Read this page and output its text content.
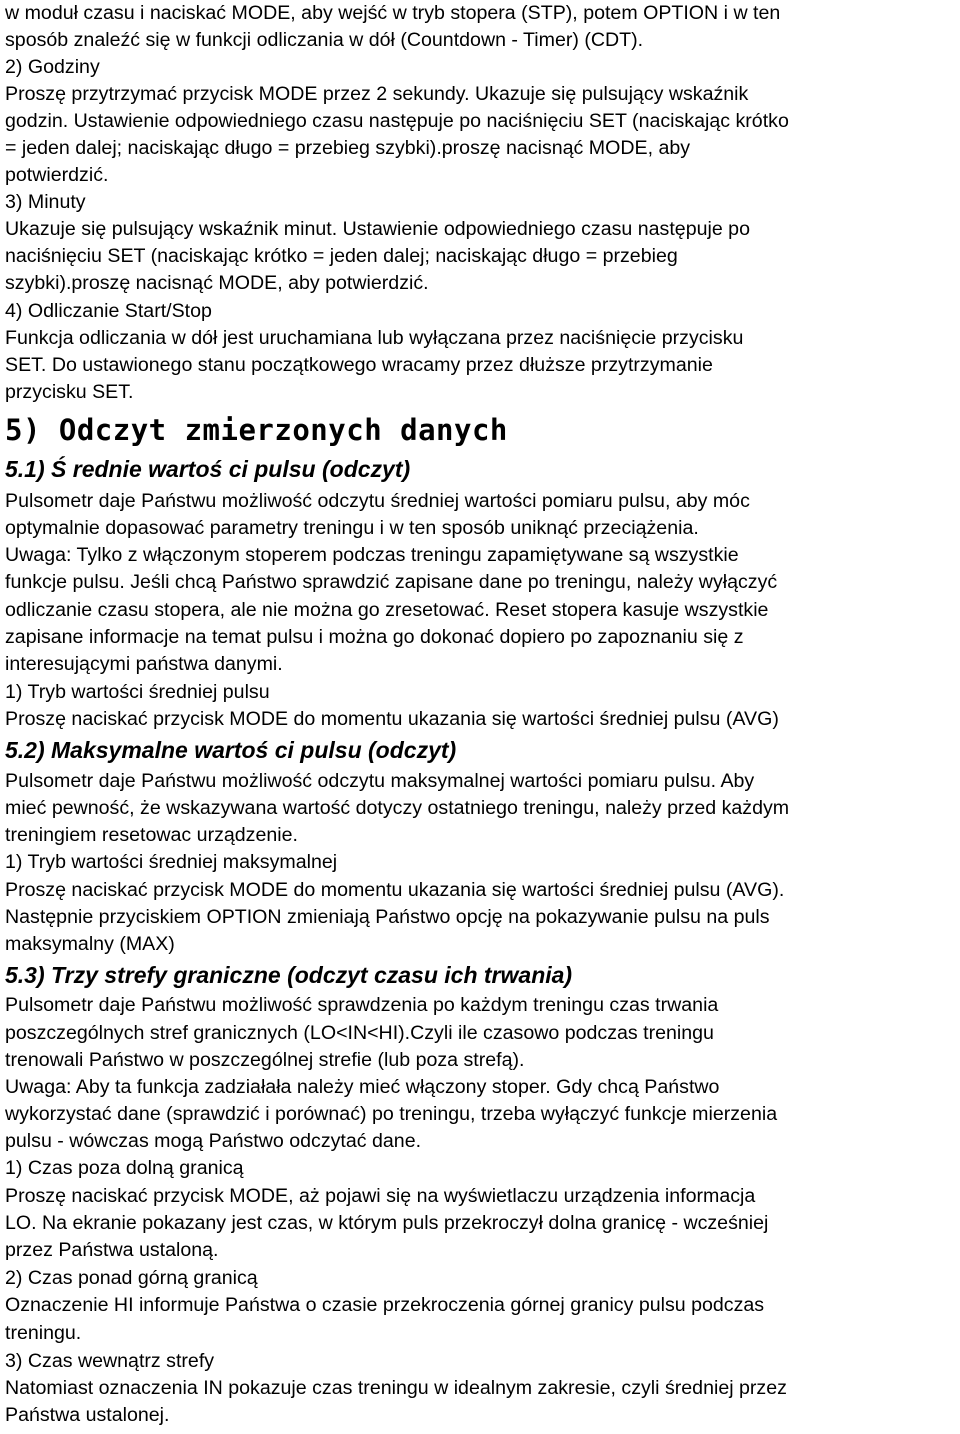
w moduł czasu i naciskać MODE, aby wejść w tryb stopera (STP), potem OPTION i w ten
sposób znaleźć się w funkcji odliczania w dół (Countdown - Timer) (CDT).
2) Godziny
Proszę przytrzymać przycisk MODE przez 2 sekundy. Ukazuje się pulsujący wskaźnik
godzin. Ustawienie odpowiedniego czasu następuje po naciśnięciu SET (naciskając krótko
= jeden dalej; naciskając długo = przebieg szybki).proszę nacisnąć MODE, aby
potwierdzić.
3) Minuty
Ukazuje się pulsujący wskaźnik minut. Ustawienie odpowiedniego czasu następuje po
naciśnięciu SET (naciskając krótko = jeden dalej; naciskając długo = przebieg
szybki).proszę nacisnąć MODE, aby potwierdzić.
4) Odliczanie Start/Stop
Funkcja odliczania w dół jest uruchamiana lub wyłączana przez naciśnięcie przycisku
SET. Do ustawionego stanu początkowego wracamy przez dłuższe przytrzymanie
przycisku SET.
5) Odczyt zmierzonych danych
5.1) Ś rednie wartoś ci pulsu (odczyt)
Pulsometr daje Państwu możliwość odczytu średniej wartości pomiaru pulsu, aby móc
optymalnie dopasować parametry treningu i w ten sposób uniknąć przeciążenia.
Uwaga: Tylko z włączonym stoperem podczas treningu zapamiętywane są wszystkie
funkcje pulsu. Jeśli chcą Państwo sprawdzić zapisane dane po treningu, należy wyłączyć
odliczanie czasu stopera, ale nie można go zresetować. Reset stopera kasuje wszystkie
zapisane informacje na temat pulsu i można go dokonać dopiero po zapoznaniu się z
interesującymi państwa danymi.
1) Tryb wartości średniej pulsu
Proszę naciskać przycisk MODE do momentu ukazania się wartości średniej pulsu (AVG)
5.2) Maksymalne wartoś ci pulsu (odczyt)
Pulsometr daje Państwu możliwość odczytu maksymalnej wartości pomiaru pulsu. Aby
mieć pewność, że wskazywana wartość dotyczy ostatniego treningu, należy przed każdym
treningiem resetowac urządzenie.
1) Tryb wartości średniej maksymalnej
Proszę naciskać przycisk MODE do momentu ukazania się wartości średniej pulsu (AVG).
Następnie przyciskiem OPTION zmieniają Państwo opcję na pokazywanie pulsu na puls
maksymalny (MAX)
5.3) Trzy strefy graniczne (odczyt czasu ich trwania)
Pulsometr daje Państwu możliwość sprawdzenia po każdym treningu czas trwania
poszczególnych stref granicznych (LO<IN<HI).Czyli ile czasowo podczas treningu
trenowali Państwo w poszczególnej strefie (lub poza strefą).
Uwaga: Aby ta funkcja zadziałała należy mieć włączony stoper. Gdy chcą Państwo
wykorzystać dane (sprawdzić i porównać) po treningu, trzeba wyłączyć funkcje mierzenia
pulsu - wówczas mogą Państwo odczytać dane.
1) Czas poza dolną granicą
Proszę naciskać przycisk MODE, aż pojawi się na wyświetlaczu urządzenia informacja
LO. Na ekranie pokazany jest czas, w którym puls przekroczył dolna granicę - wcześniej
przez Państwa ustaloną.
2) Czas ponad górną granicą
Oznaczenie HI informuje Państwa o czasie przekroczenia górnej granicy pulsu podczas
treningu.
3) Czas wewnątrz strefy
Natomiast oznaczenia IN pokazuje czas treningu w idealnym zakresie, czyli średniej przez
Państwa ustalonej.
